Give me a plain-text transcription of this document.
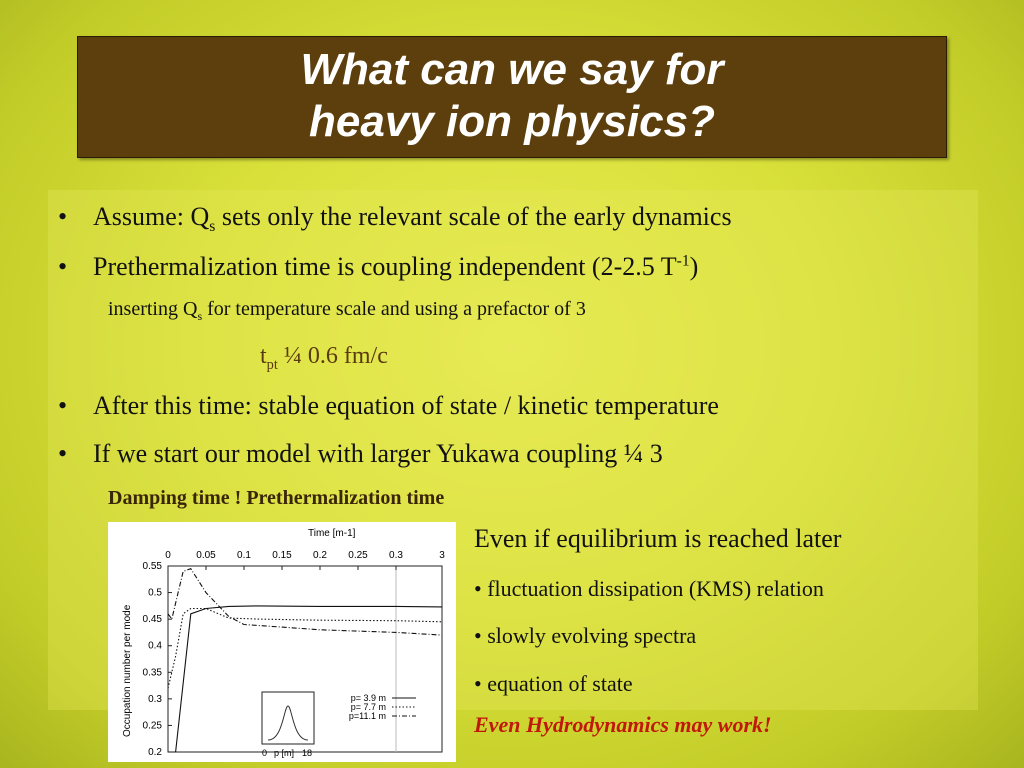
What can we say for
heavy ion physics?
• Assume: $Q_s$ sets only the relevant scale of the early dynamics
• Prethermalization time is coupling independent (2-2.5 $T^{-1}$)
inserting $Q_s$ for temperature scale and using a prefactor of 3
$t_{pt}$ ¼ 0.6 fm/c
• After this time: stable equation of state / kinetic temperature
• If we start our model with larger Yukawa coupling ¼ 3
Damping time ! Prethermalization time
Time [m-1]
Occupation number per mode
0	0.05 0.1 0.15 0.2 0.25 0.3	3
0.55
0.5
0.45
0.4
0.35
0.3
0.25
0.2
p= 3.9 m
p= 7.7 m
p=11.1 m
0 p [m] 18
Even if equilibrium is reached later
• fluctuation dissipation (KMS) relation
• slowly evolving spectra
• equation of state
Even Hydrodynamics may work!
